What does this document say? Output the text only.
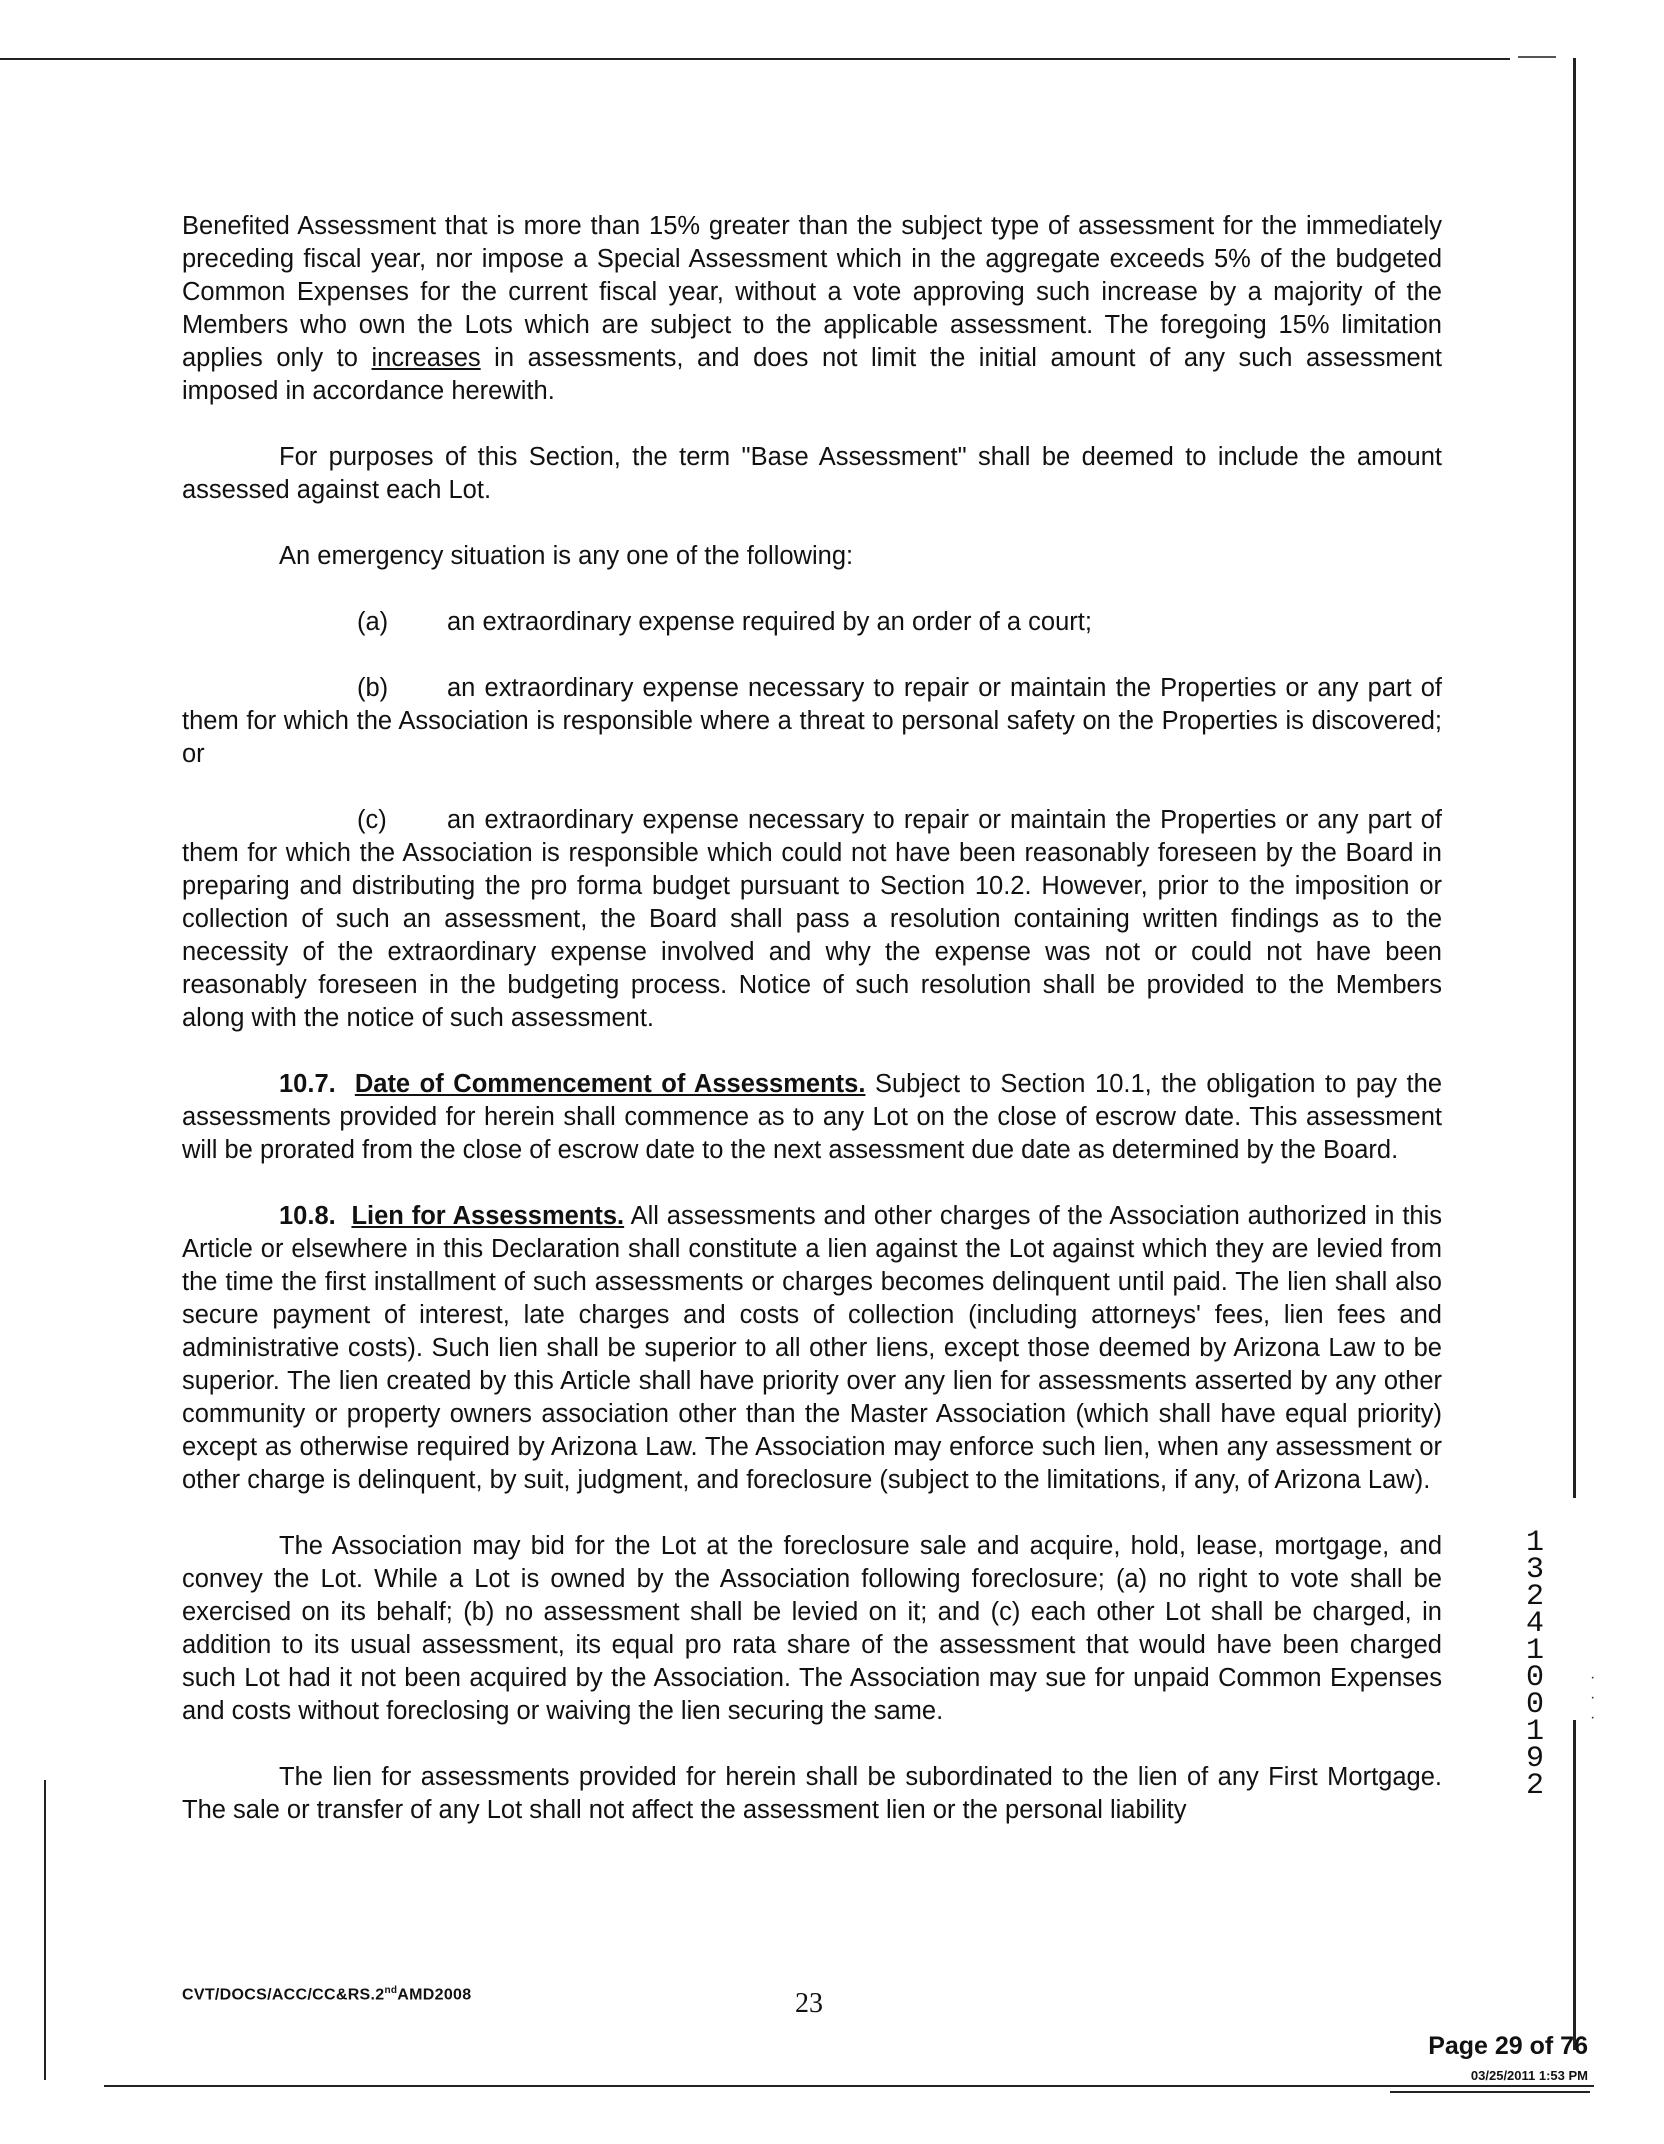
Benefited Assessment that is more than 15% greater than the subject type of assessment for the immediately preceding fiscal year, nor impose a Special Assessment which in the aggregate exceeds 5% of the budgeted Common Expenses for the current fiscal year, without a vote approving such increase by a majority of the Members who own the Lots which are subject to the applicable assessment. The foregoing 15% limitation applies only to increases in assessments, and does not limit the initial amount of any such assessment imposed in accordance herewith.

For purposes of this Section, the term "Base Assessment" shall be deemed to include the amount assessed against each Lot.

An emergency situation is any one of the following:

(a) an extraordinary expense required by an order of a court;

(b) an extraordinary expense necessary to repair or maintain the Properties or any part of them for which the Association is responsible where a threat to personal safety on the Properties is discovered; or

(c) an extraordinary expense necessary to repair or maintain the Properties or any part of them for which the Association is responsible which could not have been reasonably foreseen by the Board in preparing and distributing the pro forma budget pursuant to Section 10.2. However, prior to the imposition or collection of such an assessment, the Board shall pass a resolution containing written findings as to the necessity of the extraordinary expense involved and why the expense was not or could not have been reasonably foreseen in the budgeting process. Notice of such resolution shall be provided to the Members along with the notice of such assessment.

10.7. Date of Commencement of Assessments. Subject to Section 10.1, the obligation to pay the assessments provided for herein shall commence as to any Lot on the close of escrow date. This assessment will be prorated from the close of escrow date to the next assessment due date as determined by the Board.

10.8. Lien for Assessments. All assessments and other charges of the Association authorized in this Article or elsewhere in this Declaration shall constitute a lien against the Lot against which they are levied from the time the first installment of such assessments or charges becomes delinquent until paid. The lien shall also secure payment of interest, late charges and costs of collection (including attorneys' fees, lien fees and administrative costs). Such lien shall be superior to all other liens, except those deemed by Arizona Law to be superior. The lien created by this Article shall have priority over any lien for assessments asserted by any other community or property owners association other than the Master Association (which shall have equal priority) except as otherwise required by Arizona Law. The Association may enforce such lien, when any assessment or other charge is delinquent, by suit, judgment, and foreclosure (subject to the limitations, if any, of Arizona Law).

The Association may bid for the Lot at the foreclosure sale and acquire, hold, lease, mortgage, and convey the Lot. While a Lot is owned by the Association following foreclosure; (a) no right to vote shall be exercised on its behalf; (b) no assessment shall be levied on it; and (c) each other Lot shall be charged, in addition to its usual assessment, its equal pro rata share of the assessment that would have been charged such Lot had it not been acquired by the Association. The Association may sue for unpaid Common Expenses and costs without foreclosing or waiving the lien securing the same.

The lien for assessments provided for herein shall be subordinated to the lien of any First Mortgage. The sale or transfer of any Lot shall not affect the assessment lien or the personal liability

CVT/DOCS/ACC/CC&RS.2ndAMD2008	23
Page 29 of 76
03/25/2011 1:53 PM
1
3
2
4
1
0
0
1
9
2
·
·
·
